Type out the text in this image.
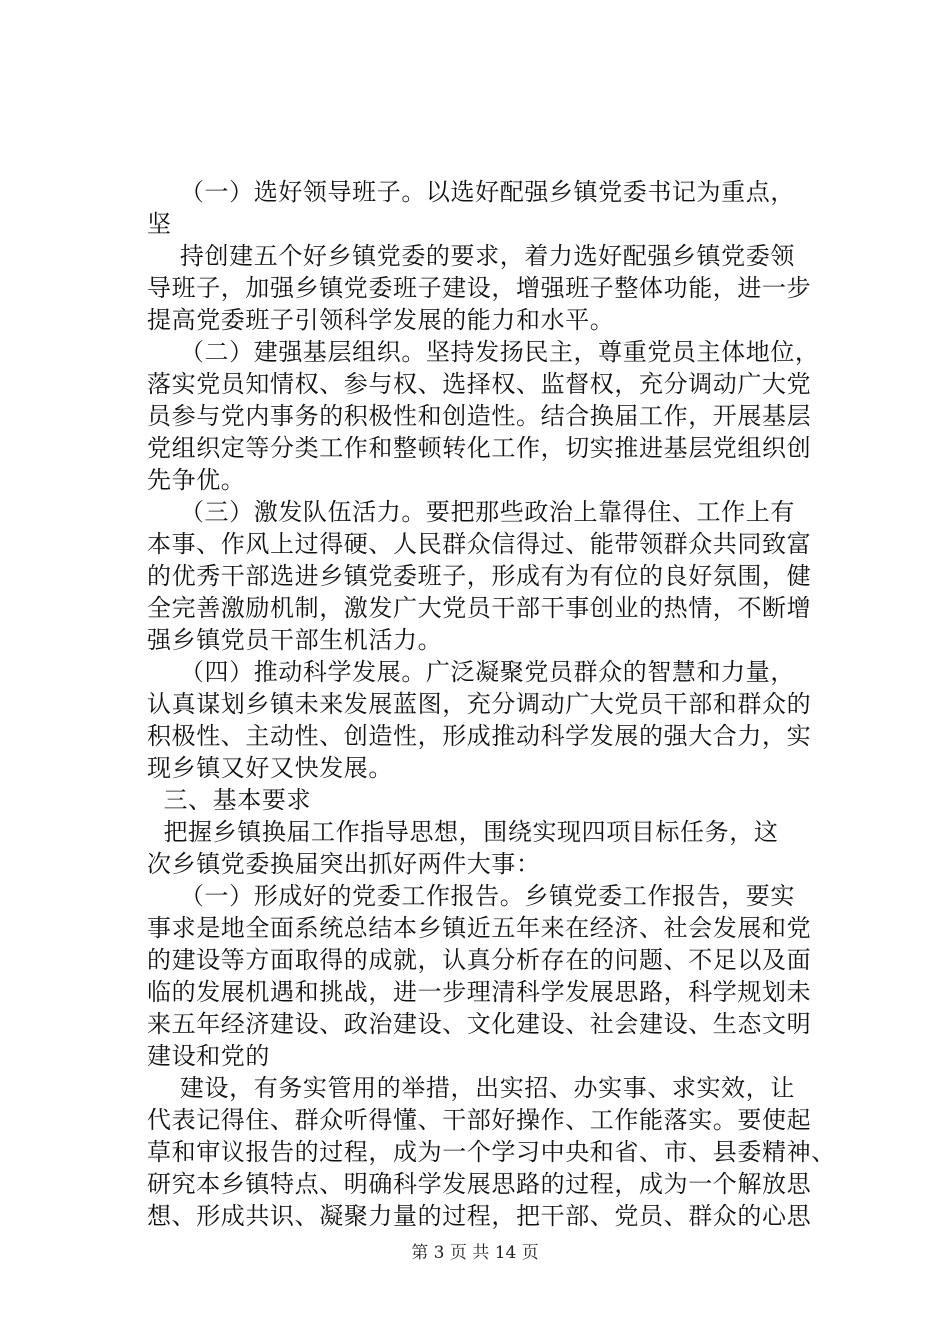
（一）选好领导班子。以选好配强乡镇党委书记为重点，
坚
持创建五个好乡镇党委的要求，着力选好配强乡镇党委领
导班子，加强乡镇党委班子建设，增强班子整体功能，进一步
提高党委班子引领科学发展的能力和水平。
（二）建强基层组织。坚持发扬民主，尊重党员主体地位，
落实党员知情权、参与权、选择权、监督权，充分调动广大党
员参与党内事务的积极性和创造性。结合换届工作，开展基层
党组织定等分类工作和整顿转化工作，切实推进基层党组织创
先争优。
（三）激发队伍活力。要把那些政治上靠得住、工作上有
本事、作风上过得硬、人民群众信得过、能带领群众共同致富
的优秀干部选进乡镇党委班子，形成有为有位的良好氛围，健
全完善激励机制，激发广大党员干部干事创业的热情，不断增
强乡镇党员干部生机活力。
（四）推动科学发展。广泛凝聚党员群众的智慧和力量，
认真谋划乡镇未来发展蓝图，充分调动广大党员干部和群众的
积极性、主动性、创造性，形成推动科学发展的强大合力，实
现乡镇又好又快发展。
三、基本要求
把握乡镇换届工作指导思想，围绕实现四项目标任务，这
次乡镇党委换届突出抓好两件大事：
（一）形成好的党委工作报告。乡镇党委工作报告，要实
事求是地全面系统总结本乡镇近五年来在经济、社会发展和党
的建设等方面取得的成就，认真分析存在的问题、不足以及面
临的发展机遇和挑战，进一步理清科学发展思路，科学规划未
来五年经济建设、政治建设、文化建设、社会建设、生态文明
建设和党的
建设，有务实管用的举措，出实招、办实事、求实效，让
代表记得住、群众听得懂、干部好操作、工作能落实。要使起
草和审议报告的过程，成为一个学习中央和省、市、县委精神、
研究本乡镇特点、明确科学发展思路的过程，成为一个解放思
想、形成共识、凝聚力量的过程，把干部、党员、群众的心思
第 3 页 共 14 页
